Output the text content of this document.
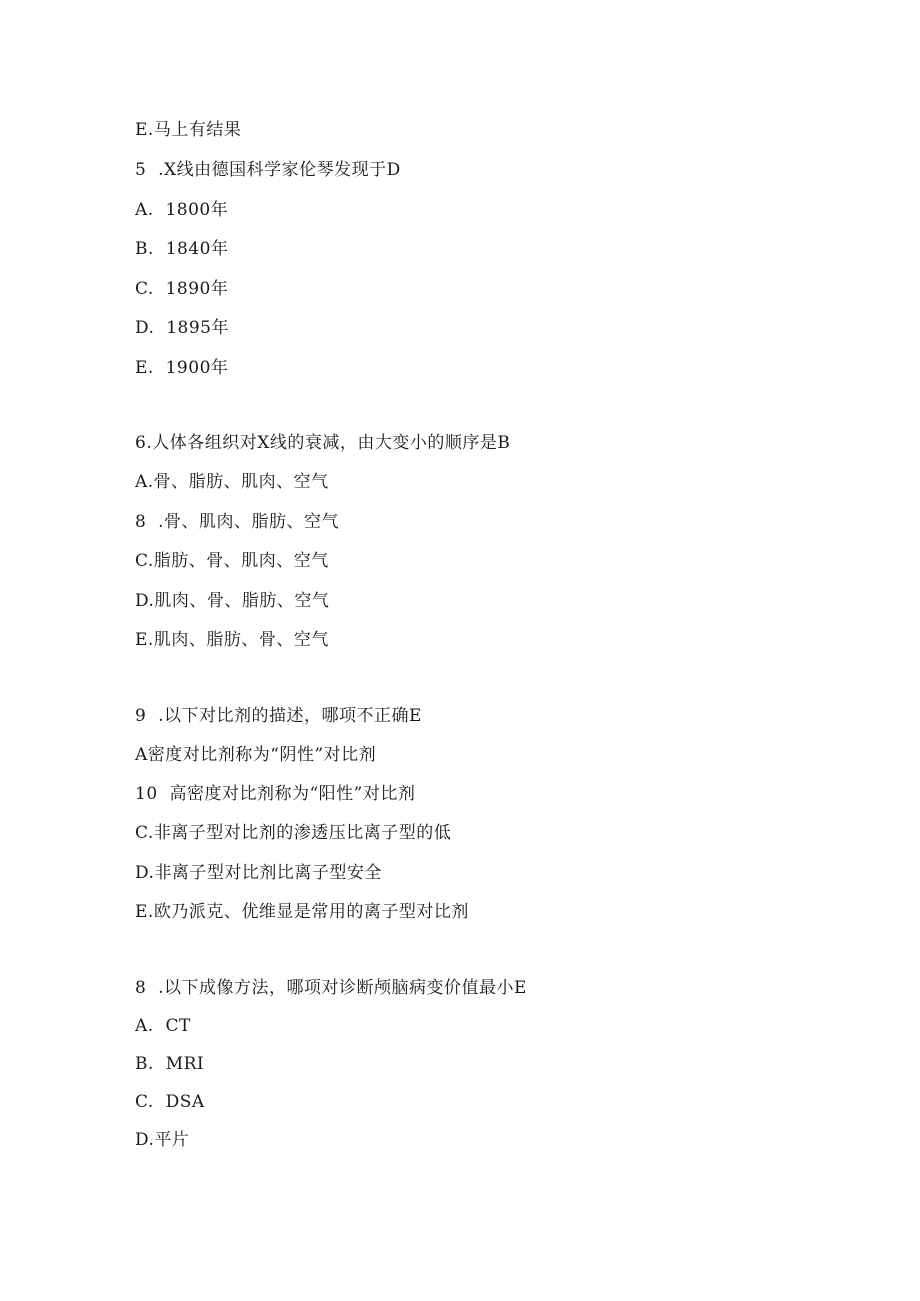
E.马上有结果
5  .X线由德国科学家伦琴发现于D
A.  1800年
B.  1840年
C.  1890年
D.  1895年
E.  1900年
6.人体各组织对X线的衰减，由大变小的顺序是B
A.骨、脂肪、肌肉、空气
8  .骨、肌肉、脂肪、空气
C.脂肪、骨、肌肉、空气
D.肌肉、骨、脂肪、空气
E.肌肉、脂肪、骨、空气
9  .以下对比剂的描述，哪项不正确E
A密度对比剂称为“阴性”对比剂
10  高密度对比剂称为“阳性”对比剂
C.非离子型对比剂的渗透压比离子型的低
D.非离子型对比剂比离子型安全
E.欧乃派克、优维显是常用的离子型对比剂
8  .以下成像方法，哪项对诊断颅脑病变价值最小E
A.  CT
B.  MRI
C.  DSA
D.平片
